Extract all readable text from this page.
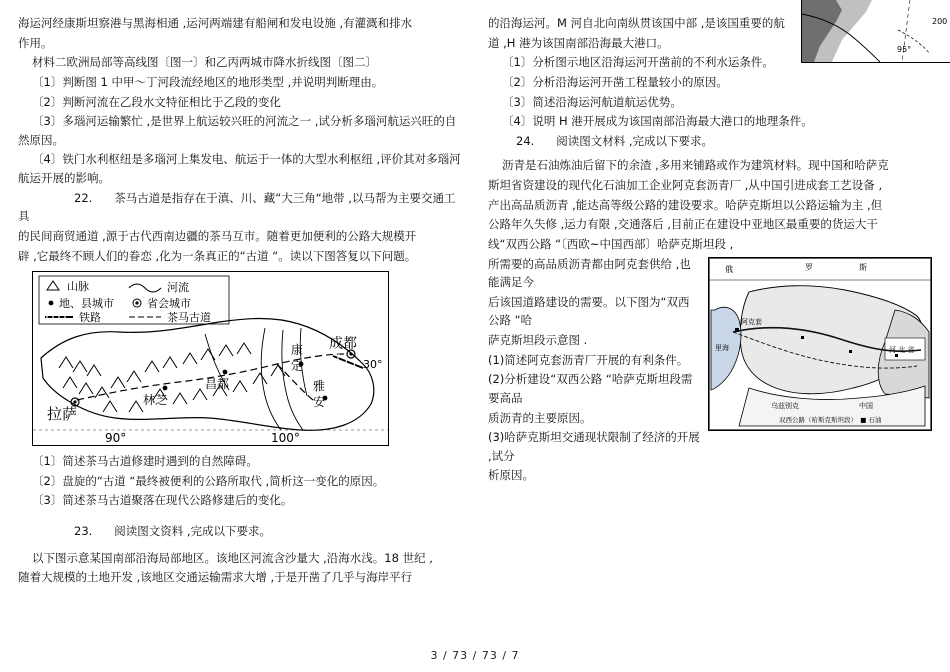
95°
200

海运河经康斯坦察港与黑海相通 ,运河两端建有船闸和发电设施 ,有灌溉和排水

作用。

材料二欧洲局部等高线图〔图一〕和乙丙两城市降水折线图〔图二〕

〔1〕判断图 1 中甲～丁河段流经地区的地形类型 ,并说明判断理由。

〔2〕判断河流在乙段水文特征相比于乙段的变化

〔3〕多瑙河运输繁忙 ,是世界上航运较兴旺的河流之一 ,试分析多瑙河航运兴旺的自然原因。

〔4〕铁门水利枢纽是多瑙河上集发电、航运于一体的大型水利枢纽 ,评价其对多瑙河航运开展的影响。

22. 茶马古道是指存在于滇、川、藏“大三角“地带 ,以马帮为主要交通工具

的民间商贸通道 ,源于古代西南边疆的茶马互市。随着更加便利的公路大规模开

辟 ,它最终不顾人们的眷恋 ,化为一条真正的“古道 “。读以下图答复以下问题。

山脉	河流
地、县城市	省会城市
铁路	茶马古道
拉萨
林芝
昌都
康
定
成都
雅
安
30°
90°	100°

〔1〕简述茶马古道修建时遇到的自然障碍。

〔2〕盘旋的“古道 “最终被便利的公路所取代 ,简析这一变化的原因。

〔3〕简述茶马古道聚落在现代公路修建后的变化。

23. 阅读图文资料 ,完成以下要求。

以下图示意某国南部沿海局部地区。该地区河流含沙量大 ,沿海水浅。18 世纪 ,

随着大规模的土地开发 ,该地区交通运输需求大增 ,于是开凿了几乎与海岸平行

的沿海运河。M 河自北向南纵贯该国中部 ,是该国重要的航

道 ,H 港为该国南部沿海最大港口。

〔1〕分析图示地区沿海运河开凿前的不利水运条件。

〔2〕分析沿海运河开凿工程量较小的原因。

〔3〕简述沿海运河航道航运优势。

〔4〕说明 H 港开展成为该国南部沿海最大港口的地理条件。

24. 阅读图文材料 ,完成以下要求。

沥青是石油炼油后留下的余渣 ,多用来铺路或作为建筑材料。现中国和哈萨克

斯坦省资建设的现代化石油加工企业阿克套沥青厂 ,从中国引进成套工艺设备 ,

产出高品质沥青 ,能达高等级公路的建设要求。哈萨克斯坦以公路运输为主 ,但

公路年久失修 ,运力有限 ,交通落后 ,目前正在建设中亚地区最重要的货运大干

线“双西公路 “〔西欧~中国西部〕哈萨克斯坦段 ,

俄	罗	斯
里海	河 北 省
阿克套
乌兹别克	中国
双西公路（哈斯克斯坦段）　■ 石油

所需要的高品质沥青都由阿克套供给 ,也能满足今

后该国道路建设的需要。以下图为“双西公路 “哈

萨克斯坦段示意图 .

(1)简述阿克套沥青厂开展的有利条件。

(2)分析建设“双西公路 “哈萨克斯坦段需要高品

质沥青的主要原因。

(3)哈萨克斯坦交通现状限制了经济的开展 ,试分

析原因。

3 / 73 / 73 / 7
